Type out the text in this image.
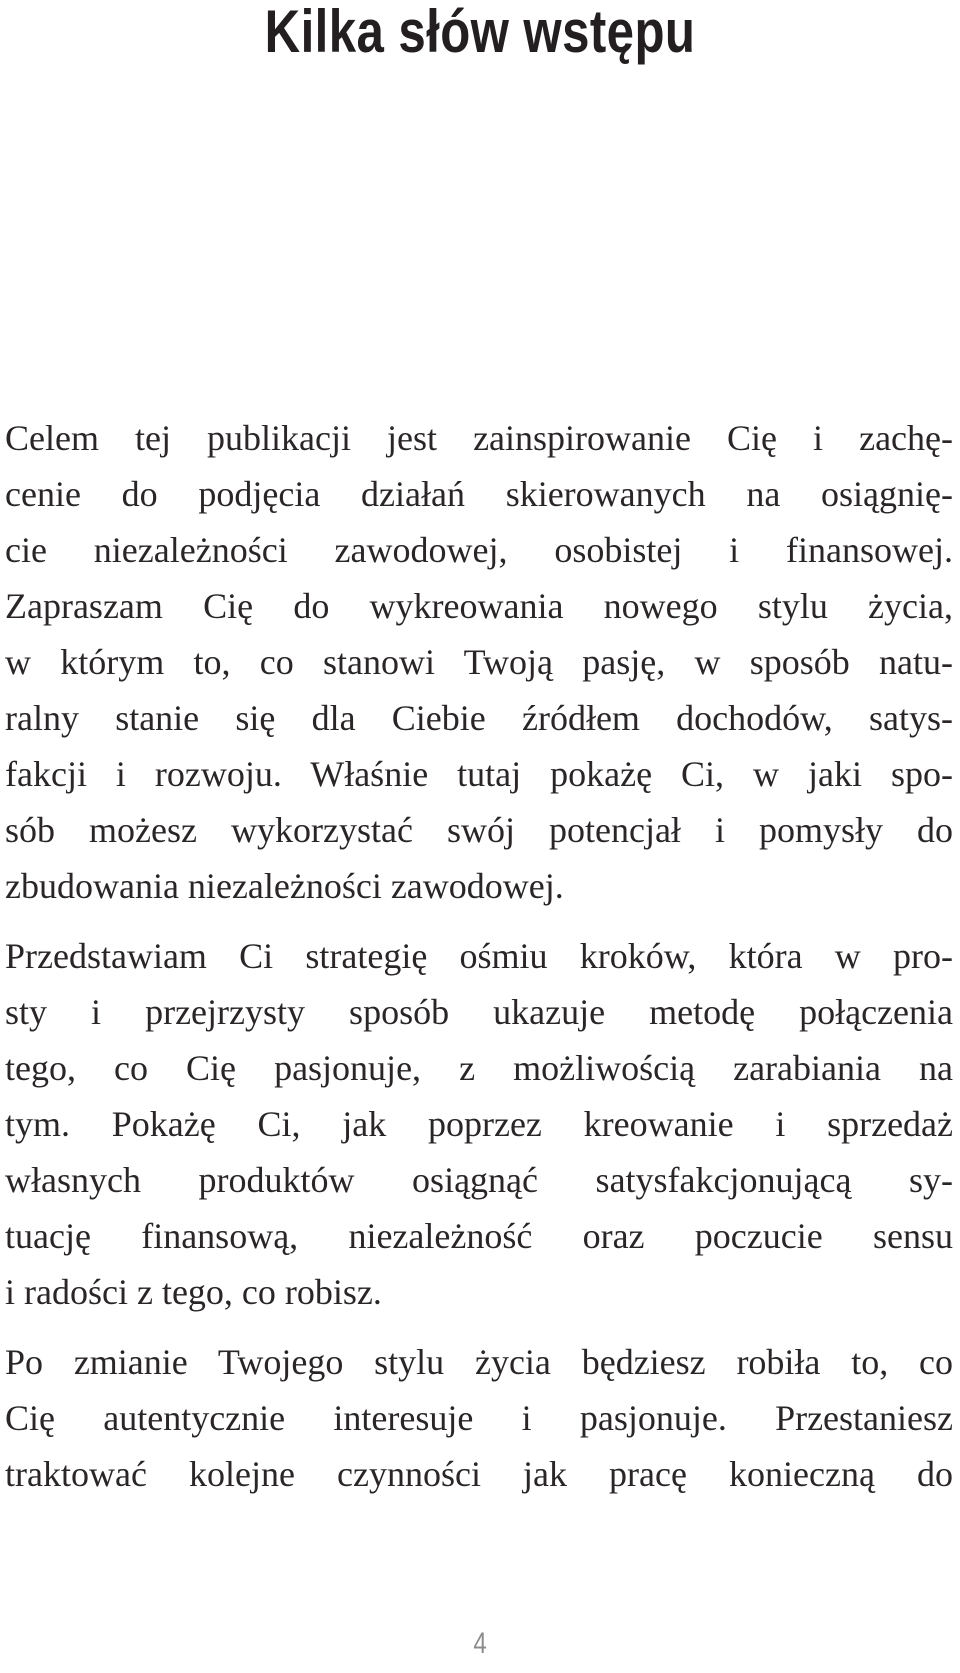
Kilka słów wstępu

Celem tej publikacji jest zainspirowanie Cię i zachę-
cenie do podjęcia działań skierowanych na osiągnię-
cie niezależności zawodowej, osobistej i finansowej.
Zapraszam Cię do wykreowania nowego stylu życia,
w którym to, co stanowi Twoją pasję, w sposób natu-
ralny stanie się dla Ciebie źródłem dochodów, satys-
fakcji i rozwoju. Właśnie tutaj pokażę Ci, w jaki spo-
sób możesz wykorzystać swój potencjał i pomysły do
zbudowania niezależności zawodowej.

Przedstawiam Ci strategię ośmiu kroków, która w pro-
sty i przejrzysty sposób ukazuje metodę połączenia
tego, co Cię pasjonuje, z możliwością zarabiania na
tym. Pokażę Ci, jak poprzez kreowanie i sprzedaż
własnych produktów osiągnąć satysfakcjonującą sy-
tuację finansową, niezależność oraz poczucie sensu
i radości z tego, co robisz.

Po zmianie Twojego stylu życia będziesz robiła to, co
Cię autentycznie interesuje i pasjonuje. Przestaniesz
traktować kolejne czynności jak pracę konieczną do

4
